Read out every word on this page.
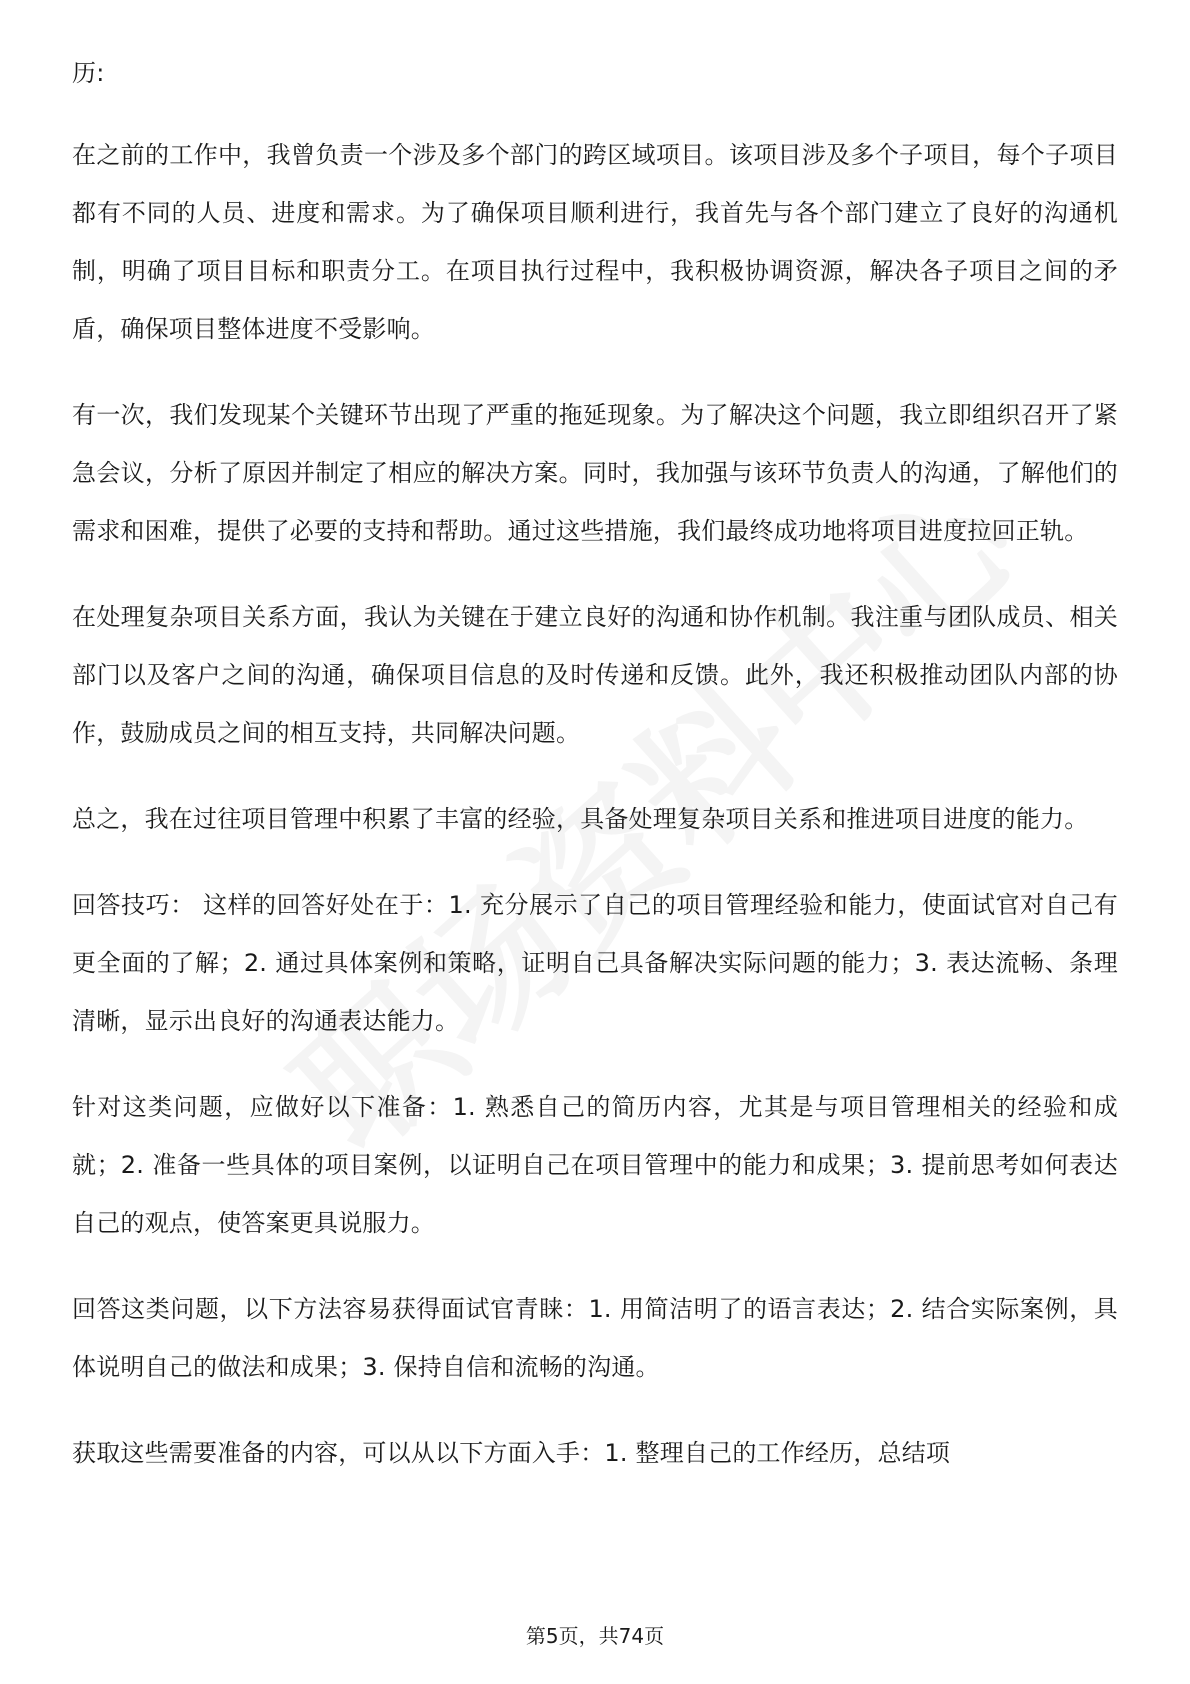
历:

在之前的工作中，我曾负责一个涉及多个部门的跨区域项目。该项目涉及多个子项目，每个子项目都有不同的人员、进度和需求。为了确保项目顺利进行，我首先与各个部门建立了良好的沟通机制，明确了项目目标和职责分工。在项目执行过程中，我积极协调资源，解决各子项目之间的矛盾，确保项目整体进度不受影响。

有一次，我们发现某个关键环节出现了严重的拖延现象。为了解决这个问题，我立即组织召开了紧急会议，分析了原因并制定了相应的解决方案。同时，我加强与该环节负责人的沟通，了解他们的需求和困难，提供了必要的支持和帮助。通过这些措施，我们最终成功地将项目进度拉回正轨。

在处理复杂项目关系方面，我认为关键在于建立良好的沟通和协作机制。我注重与团队成员、相关部门以及客户之间的沟通，确保项目信息的及时传递和反馈。此外，我还积极推动团队内部的协作，鼓励成员之间的相互支持，共同解决问题。

总之，我在过往项目管理中积累了丰富的经验，具备处理复杂项目关系和推进项目进度的能力。

回答技巧： 这样的回答好处在于：1. 充分展示了自己的项目管理经验和能力，使面试官对自己有更全面的了解；2. 通过具体案例和策略，证明自己具备解决实际问题的能力；3. 表达流畅、条理清晰，显示出良好的沟通表达能力。

针对这类问题，应做好以下准备：1. 熟悉自己的简历内容，尤其是与项目管理相关的经验和成就；2. 准备一些具体的项目案例，以证明自己在项目管理中的能力和成果；3. 提前思考如何表达自己的观点，使答案更具说服力。

回答这类问题，以下方法容易获得面试官青睐：1. 用简洁明了的语言表达；2. 结合实际案例，具体说明自己的做法和成果；3. 保持自信和流畅的沟通。

获取这些需要准备的内容，可以从以下方面入手：1. 整理自己的工作经历，总结项

第5页，共74页
